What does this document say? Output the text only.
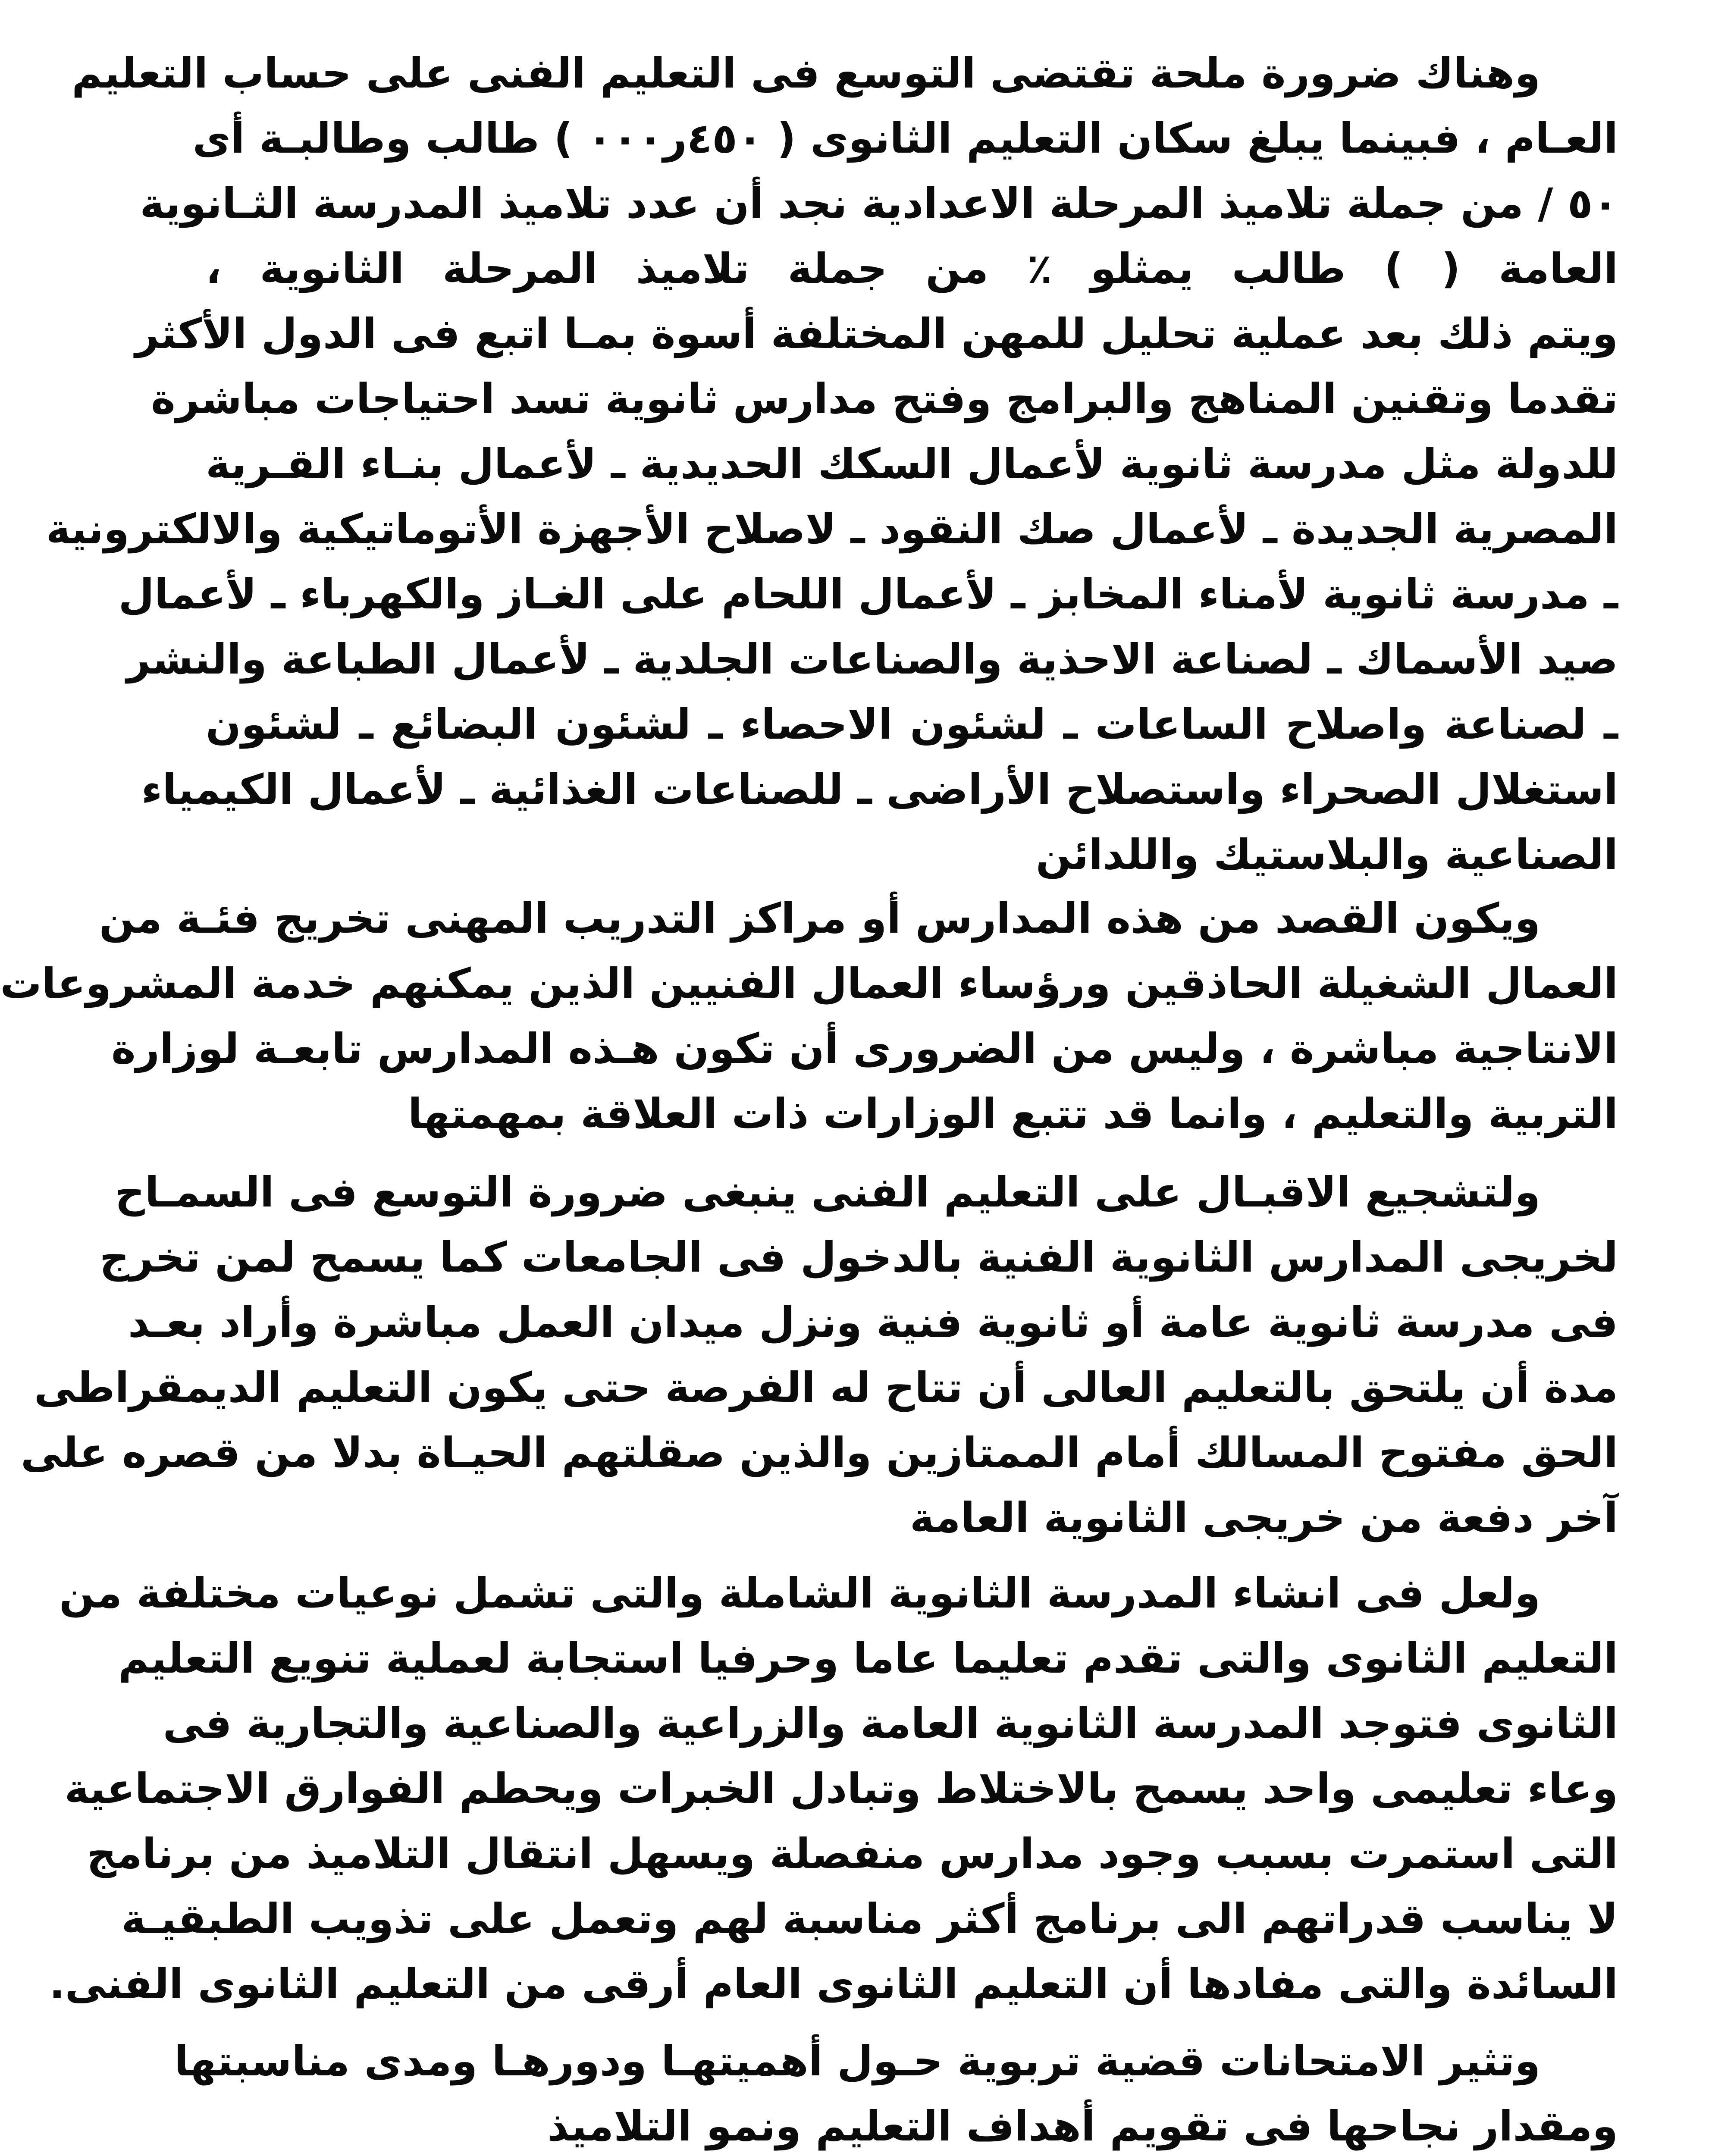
وهناك ضرورة ملحة تقتضى التوسع فى التعليم الفنى على حساب التعليم
العـام ، فبينما يبلغ سكان التعليم الثانوى ( ٤٥٠ر٠٠٠ ) طالب وطالبـة أى
٥٠ / من جملة تلاميذ المرحلة الاعدادية نجد أن عدد تلاميذ المدرسة الثـانوية
العامة ( ) طالب يمثلو ٪ من جملة تلاميذ المرحلة الثانوية ،
ويتم ذلك بعد عملية تحليل للمهن المختلفة أسوة بمـا اتبع فى الدول الأكثر
تقدما وتقنين المناهج والبرامج وفتح مدارس ثانوية تسد احتياجات مباشرة
للدولة مثل مدرسة ثانوية لأعمال السكك الحديدية ـ لأعمال بنـاء القـرية
المصرية الجديدة ـ لأعمال صك النقود ـ لاصلاح الأجهزة الأتوماتيكية والالكترونية
ـ مدرسة ثانوية لأمناء المخابز ـ لأعمال اللحام على الغـاز والكهرباء ـ لأعمال
صيد الأسماك ـ لصناعة الاحذية والصناعات الجلدية ـ لأعمال الطباعة والنشر
ـ لصناعة واصلاح الساعات ـ لشئون الاحصاء ـ لشئون البضائع ـ لشئون
استغلال الصحراء واستصلاح الأراضى ـ للصناعات الغذائية ـ لأعمال الكيمياء
الصناعية والبلاستيك واللدائن
ويكون القصد من هذه المدارس أو مراكز التدريب المهنى تخريج فئـة من
العمال الشغيلة الحاذقين ورؤساء العمال الفنيين الذين يمكنهم خدمة المشروعات
الانتاجية مباشرة ، وليس من الضرورى أن تكون هـذه المدارس تابعـة لوزارة
التربية والتعليم ، وانما قد تتبع الوزارات ذات العلاقة بمهمتها
ولتشجيع الاقبـال على التعليم الفنى ينبغى ضرورة التوسع فى السمـاح
لخريجى المدارس الثانوية الفنية بالدخول فى الجامعات كما يسمح لمن تخرج
فى مدرسة ثانوية عامة أو ثانوية فنية ونزل ميدان العمل مباشرة وأراد بعـد
مدة أن يلتحق بالتعليم العالى أن تتاح له الفرصة حتى يكون التعليم الديمقراطى
الحق مفتوح المسالك أمام الممتازين والذين صقلتهم الحيـاة بدلا من قصره على
آخر دفعة من خريجى الثانوية العامة
ولعل فى انشاء المدرسة الثانوية الشاملة والتى تشمل نوعيات مختلفة من
التعليم الثانوى والتى تقدم تعليما عاما وحرفيا استجابة لعملية تنويع التعليم
الثانوى فتوجد المدرسة الثانوية العامة والزراعية والصناعية والتجارية فى
وعاء تعليمى واحد يسمح بالاختلاط وتبادل الخبرات ويحطم الفوارق الاجتماعية
التى استمرت بسبب وجود مدارس منفصلة ويسهل انتقال التلاميذ من برنامج
لا يناسب قدراتهم الى برنامج أكثر مناسبة لهم وتعمل على تذويب الطبقيـة
السائدة والتى مفادها أن التعليم الثانوى العام أرقى من التعليم الثانوى الفنى.
وتثير الامتحانات قضية تربوية حـول أهميتهـا ودورهـا ومدى مناسبتها
ومقدار نجاحها فى تقويم أهداف التعليم ونمو التلاميذ
